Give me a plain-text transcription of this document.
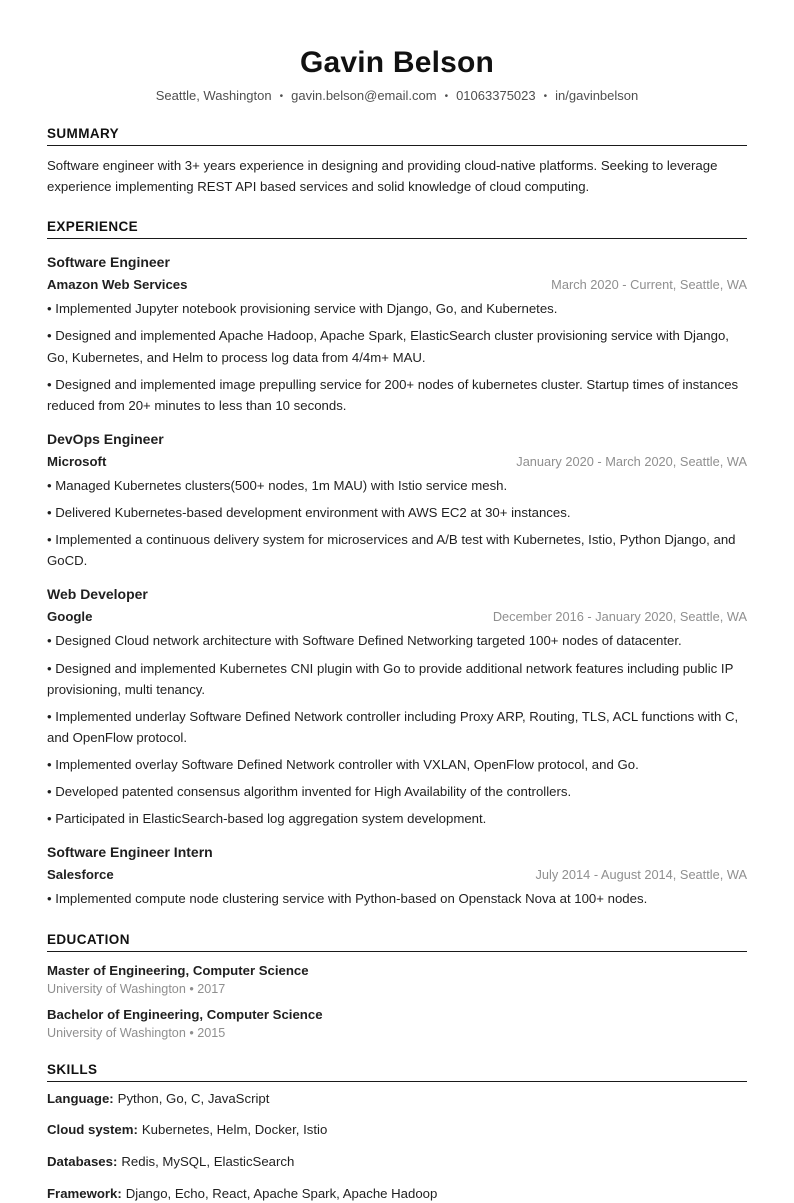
Gavin Belson
Seattle, Washington • gavin.belson@email.com • 01063375023 • in/gavinbelson
SUMMARY

Software engineer with 3+ years experience in designing and providing cloud-native platforms. Seeking to leverage experience implementing REST API based services and solid knowledge of cloud computing.

EXPERIENCE

Software Engineer

Amazon Web Services	March 2020 - Current, Seattle, WA

• Implemented Jupyter notebook provisioning service with Django, Go, and Kubernetes.

• Designed and implemented Apache Hadoop, Apache Spark, ElasticSearch cluster provisioning service with Django, Go, Kubernetes, and Helm to process log data from 4/4m+ MAU.

• Designed and implemented image prepulling service for 200+ nodes of kubernetes cluster. Startup times of instances reduced from 20+ minutes to less than 10 seconds.

DevOps Engineer

Microsoft	January 2020 - March 2020, Seattle, WA

• Managed Kubernetes clusters(500+ nodes, 1m MAU) with Istio service mesh.

• Delivered Kubernetes-based development environment with AWS EC2 at 30+ instances.

• Implemented a continuous delivery system for microservices and A/B test with Kubernetes, Istio, Python Django, and GoCD.

Web Developer

Google	December 2016 - January 2020, Seattle, WA

• Designed Cloud network architecture with Software Defined Networking targeted 100+ nodes of datacenter.

• Designed and implemented Kubernetes CNI plugin with Go to provide additional network features including public IP provisioning, multi tenancy.

• Implemented underlay Software Defined Network controller including Proxy ARP, Routing, TLS, ACL functions with C, and OpenFlow protocol.

• Implemented overlay Software Defined Network controller with VXLAN, OpenFlow protocol, and Go.

• Developed patented consensus algorithm invented for High Availability of the controllers.

• Participated in ElasticSearch-based log aggregation system development.

Software Engineer Intern

Salesforce	July 2014 - August 2014, Seattle, WA

• Implemented compute node clustering service with Python-based on Openstack Nova at 100+ nodes.

EDUCATION

Master of Engineering, Computer Science

University of Washington • 2017

Bachelor of Engineering, Computer Science

University of Washington • 2015

SKILLS

Language: Python, Go, C, JavaScript

Cloud system: Kubernetes, Helm, Docker, Istio

Databases: Redis, MySQL, ElasticSearch

Framework: Django, Echo, React, Apache Spark, Apache Hadoop
